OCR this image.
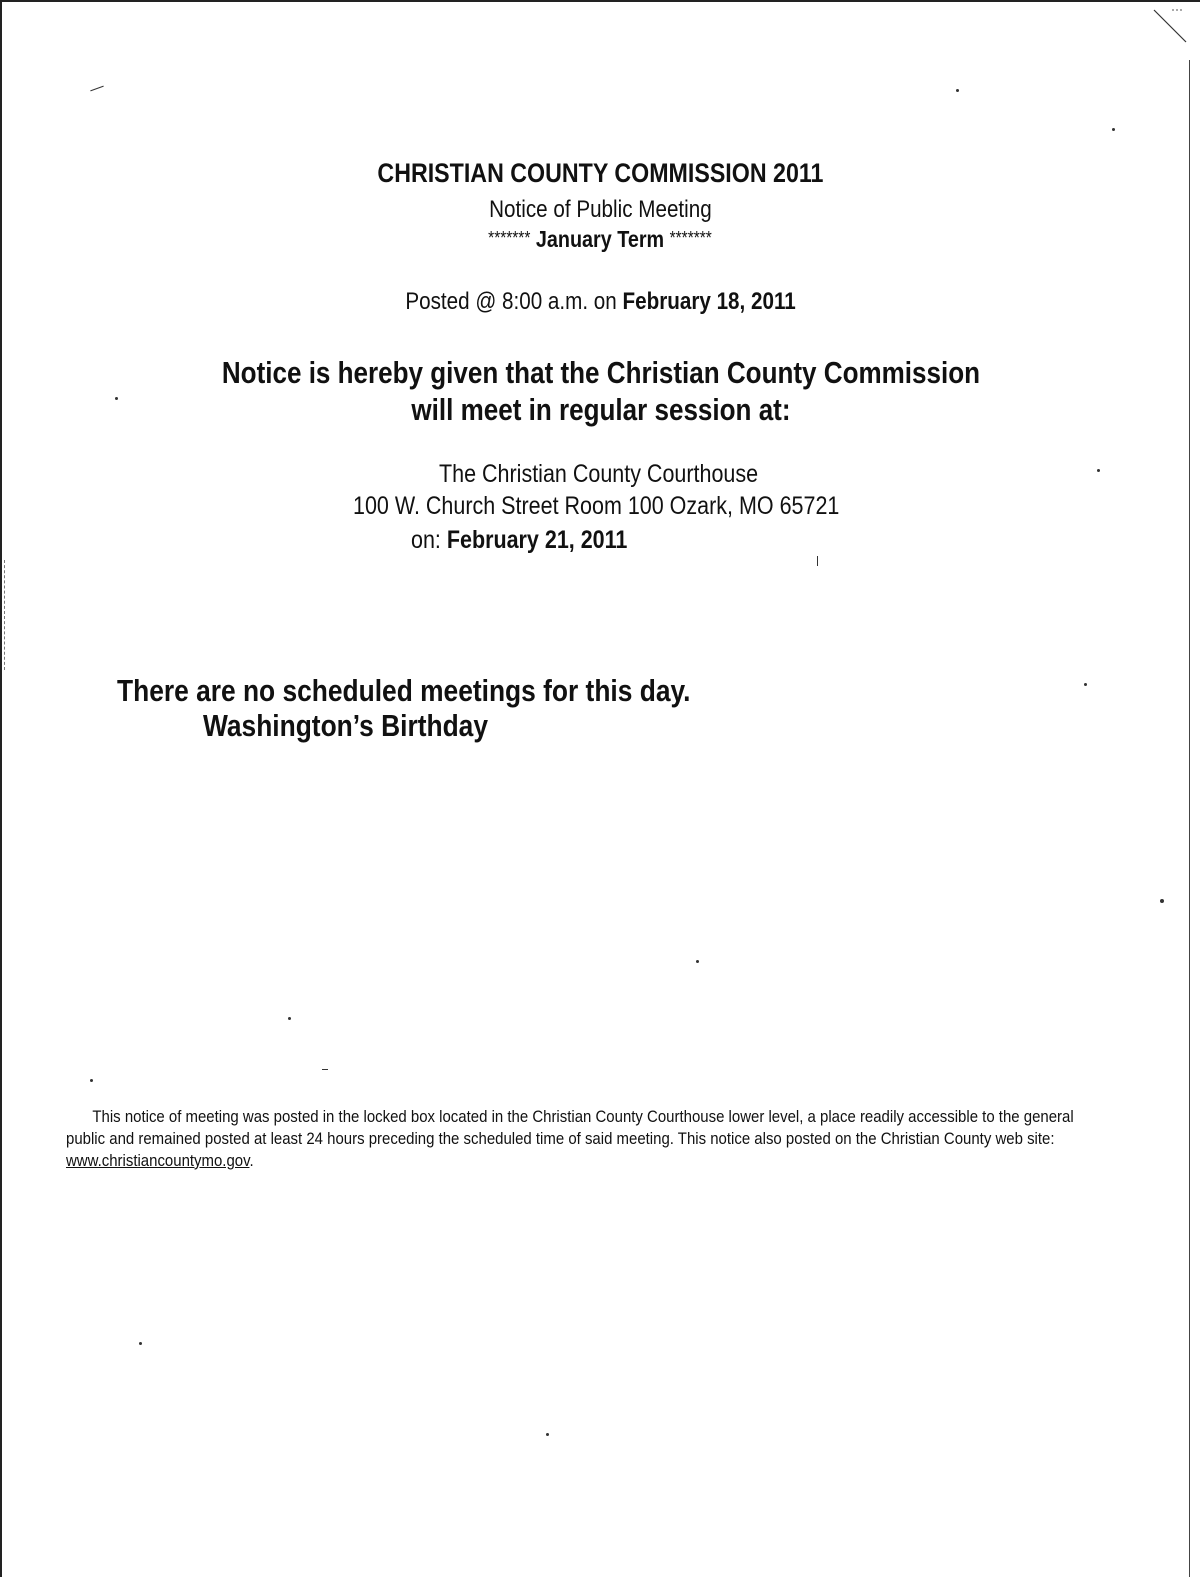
CHRISTIAN COUNTY COMMISSION 2011
Notice of Public Meeting
******* January Term *******
Posted @ 8:00 a.m. on February 18, 2011
Notice is hereby given that the Christian County Commission
will meet in regular session at:
The Christian County Courthouse
100 W. Church Street Room 100 Ozark, MO 65721
on: February 21, 2011
There are no scheduled meetings for this day.
Washington’s Birthday
This notice of meeting was posted in the locked box located in the Christian County Courthouse lower level, a place readily accessible to the general
public and remained posted at least 24 hours preceding the scheduled time of said meeting. This notice also posted on the Christian County web site:
www.christiancountymo.gov.
